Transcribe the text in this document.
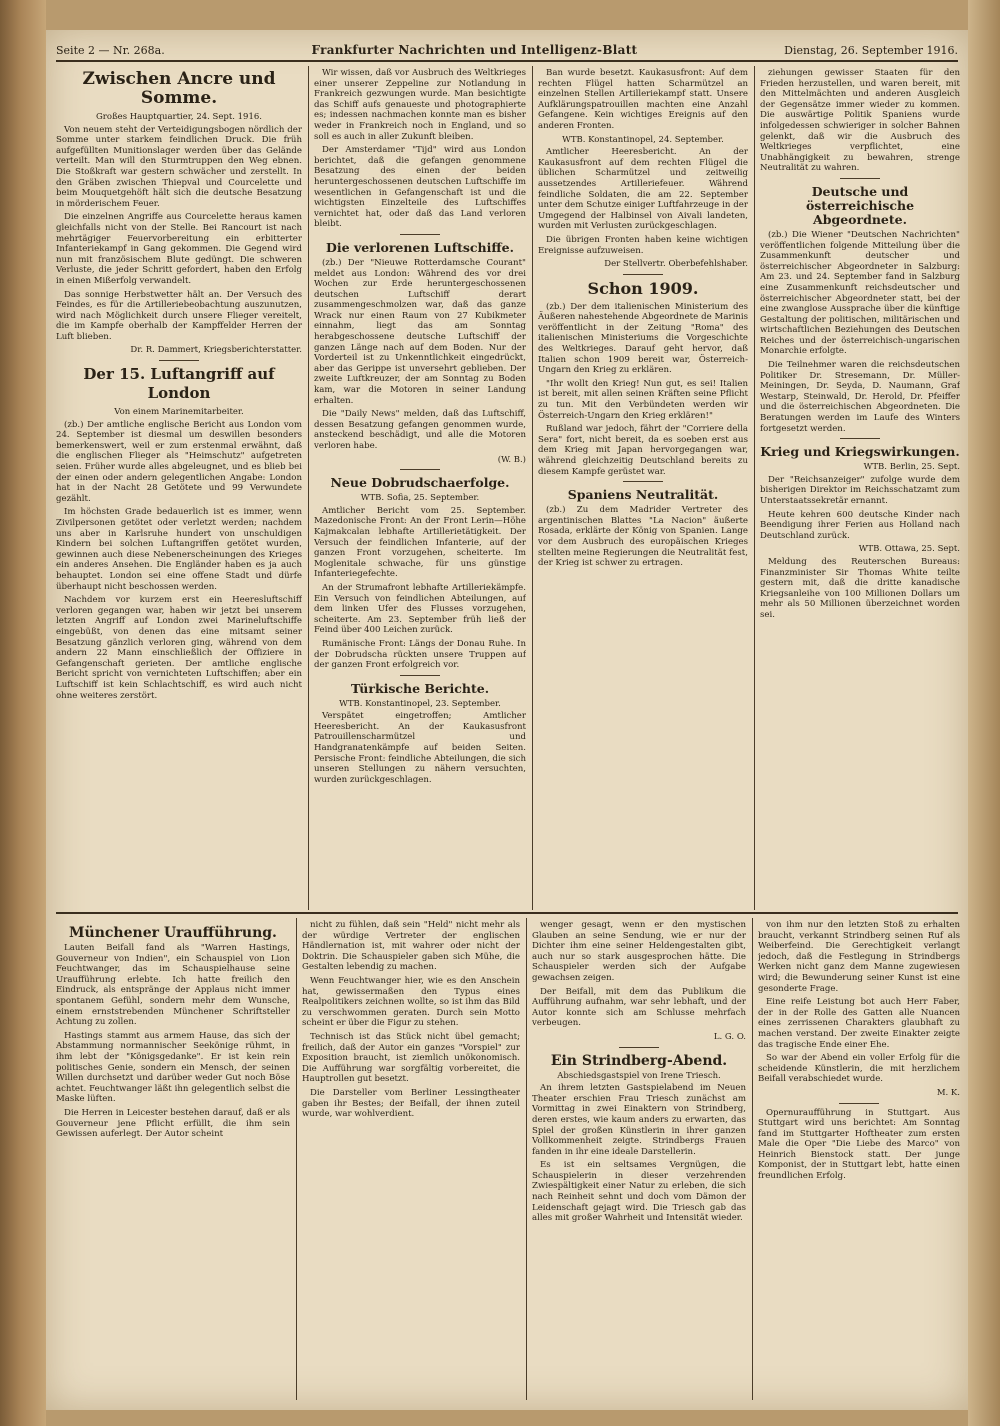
Seite 2 — Nr. 268a.	Frankfurter Nachrichten und Intelligenz-Blatt	Dienstag, 26. September 1916.
Zwischen Ancre und Somme.
Großes Hauptquartier, 24. Sept. 1916.

Von neuem steht der Verteidigungsbogen nördlich der Somme unter starkem feindlichen Druck. Die früh aufgefüllten Munitionslager werden über das Gelände verteilt. Man will den Sturmtruppen den Weg ebnen. Die Stoßkraft war gestern schwächer und zerstellt. In den Gräben zwischen Thiepval und Courcelette und beim Mouquetgehöft hält sich die deutsche Besatzung in mörderischem Feuer.

Die einzelnen Angriffe aus Courcelette heraus kamen gleichfalls nicht von der Stelle. Bei Rancourt ist nach mehrtägiger Feuervorbereitung ein erbitterter Infanteriekampf in Gang gekommen. Die Gegend wird nun mit französischem Blute gedüngt. Die schweren Verluste, die jeder Schritt gefordert, haben den Erfolg in einen Mißerfolg verwandelt.

Das sonnige Herbstwetter hält an. Der Versuch des Feindes, es für die Artilleriebeobachtung auszunutzen, wird nach Möglichkeit durch unsere Flieger vereitelt, die im Kampfe oberhalb der Kampffelder Herren der Luft blieben.

Dr. R. Dammert, Kriegsberichterstatter.
Der 15. Luftangriff auf London
Von einem Marinemitarbeiter.

(zb.) Der amtliche englische Bericht aus London vom 24. September ist diesmal um deswillen besonders bemerkenswert, weil er zum erstenmal erwähnt, daß die englischen Flieger als "Heimschutz" aufgetreten seien. Früher wurde alles abgeleugnet, und es blieb bei der einen oder andern gelegentlichen Angabe: London hat in der Nacht 28 Getötete und 99 Verwundete gezählt.

Im höchsten Grade bedauerlich ist es immer, wenn Zivilpersonen getötet oder verletzt werden; nachdem uns aber in Karlsruhe hundert von unschuldigen Kindern bei solchen Luftangriffen getötet wurden, gewinnen auch diese Nebenerscheinungen des Krieges ein anderes Ansehen. Die Engländer haben es ja auch behauptet. London sei eine offene Stadt und dürfe überhaupt nicht beschossen werden.

Nachdem vor kurzem erst ein Heeresluftschiff verloren gegangen war, haben wir jetzt bei unserem letzten Angriff auf London zwei Marineluftschiffe eingebüßt, von denen das eine mitsamt seiner Besatzung gänzlich verloren ging, während von dem andern 22 Mann einschließlich der Offiziere in Gefangenschaft gerieten. Der amtliche englische Bericht spricht von vernichteten Luftschiffen; aber ein Luftschiff ist kein Schlachtschiff, es wird auch nicht ohne weiteres zerstört.

Wir wissen, daß vor Ausbruch des Weltkrieges einer unserer Zeppeline zur Notlandung in Frankreich gezwungen wurde. Man besichtigte das Schiff aufs genaueste und photographierte es; indessen nachmachen konnte man es bisher weder in Frankreich noch in England, und so soll es auch in aller Zukunft bleiben.

Der Amsterdamer "Tijd" wird aus London berichtet, daß die gefangen genommene Besatzung des einen der beiden heruntergeschossenen deutschen Luftschiffe im wesentlichen in Gefangenschaft ist und die wichtigsten Einzelteile des Luftschiffes vernichtet hat, oder daß das Land verloren bleibt.

Die verlorenen Luftschiffe.

(zb.) Der "Nieuwe Rotterdamsche Courant" meldet aus London: Während des vor drei Wochen zur Erde heruntergeschossenen deutschen Luftschiff derart zusammengeschmolzen war, daß das ganze Wrack nur einen Raum von 27 Kubikmeter einnahm, liegt das am Sonntag herabgeschossene deutsche Luftschiff der ganzen Länge nach auf dem Boden. Nur der Vorderteil ist zu Unkenntlichkeit eingedrückt, aber das Gerippe ist unversehrt geblieben. Der zweite Luftkreuzer, der am Sonntag zu Boden kam, war die Motoren in seiner Landung erhalten.

Die "Daily News" melden, daß das Luftschiff, dessen Besatzung gefangen genommen wurde, ansteckend beschädigt, und alle die Motoren verloren habe.

(W. B.)
Neue Dobrudschaerfolge.
WTB. Sofia, 25. September.

Amtlicher Bericht vom 25. September. Mazedonische Front: An der Front Lerin—Höhe Kajmakcalan lebhafte Artillerietätigkeit. Der Versuch der feindlichen Infanterie, auf der ganzen Front vorzugehen, scheiterte. Im Moglenitale schwache, für uns günstige Infanteriegefechte.

An der Strumafront lebhafte Artilleriekämpfe. Ein Versuch von feindlichen Abteilungen, auf dem linken Ufer des Flusses vorzugehen, scheiterte. Am 23. September früh ließ der Feind über 400 Leichen zurück.

Rumänische Front: Längs der Donau Ruhe. In der Dobrudscha rückten unsere Truppen auf der ganzen Front erfolgreich vor.

Türkische Berichte.
WTB. Konstantinopel, 23. September.

Verspätet eingetroffen; Amtlicher Heeresbericht. An der Kaukasusfront Patrouillenscharmützel und Handgranatenkämpfe auf beiden Seiten. Persische Front: feindliche Abteilungen, die sich unseren Stellungen zu nähern versuchten, wurden zurückgeschlagen.

Ban wurde besetzt. Kaukasusfront: Auf dem rechten Flügel hatten Scharmützel an einzelnen Stellen Artilleriekampf statt. Unsere Aufklärungspatrouillen machten eine Anzahl Gefangene. Kein wichtiges Ereignis auf den anderen Fronten.

WTB. Konstantinopel, 24. September.

Amtlicher Heeresbericht. An der Kaukasusfront auf dem rechten Flügel die üblichen Scharmützel und zeitweilig aussetzendes Artilleriefeuer. Während feindliche Soldaten, die am 22. September unter dem Schutze einiger Luftfahrzeuge in der Umgegend der Halbinsel von Aivali landeten, wurden mit Verlusten zurückgeschlagen.

Die übrigen Fronten haben keine wichtigen Ereignisse aufzuweisen.

Der Stellvertr. Oberbefehlshaber.
Schon 1909.

(zb.) Der dem italienischen Ministerium des Äußeren nahestehende Abgeordnete de Marinis veröffentlicht in der Zeitung "Roma" des italienischen Ministeriums die Vorgeschichte des Weltkrieges. Darauf geht hervor, daß Italien schon 1909 bereit war, Österreich-Ungarn den Krieg zu erklären.

"Ihr wollt den Krieg! Nun gut, es sei! Italien ist bereit, mit allen seinen Kräften seine Pflicht zu tun. Mit den Verbündeten werden wir Österreich-Ungarn den Krieg erklären!"

Rußland war jedoch, fährt der "Corriere della Sera" fort, nicht bereit, da es soeben erst aus dem Krieg mit Japan hervorgegangen war, während gleichzeitig Deutschland bereits zu diesem Kampfe gerüstet war.

Spaniens Neutralität.

(zb.) Zu dem Madrider Vertreter des argentinischen Blattes "La Nacion" äußerte Rosada, erklärte der König von Spanien. Lange vor dem Ausbruch des europäischen Krieges stellten meine Regierungen die Neutralität fest, der Krieg ist schwer zu ertragen.

ziehungen gewisser Staaten für den Frieden herzustellen, und waren bereit, mit den Mittelmächten und anderen Ausgleich der Gegensätze immer wieder zu kommen. Die auswärtige Politik Spaniens wurde infolgedessen schwieriger in solcher Bahnen gelenkt, daß wir die Ausbruch des Weltkrieges verpflichtet, eine Unabhängigkeit zu bewahren, strenge Neutralität zu wahren.

Deutsche und österreichische Abgeordnete.

(zb.) Die Wiener "Deutschen Nachrichten" veröffentlichen folgende Mitteilung über die Zusammenkunft deutscher und österreichischer Abgeordneter in Salzburg: Am 23. und 24. September fand in Salzburg eine Zusammenkunft reichsdeutscher und österreichischer Abgeordneter statt, bei der eine zwanglose Aussprache über die künftige Gestaltung der politischen, militärischen und wirtschaftlichen Beziehungen des Deutschen Reiches und der österreichisch-ungarischen Monarchie erfolgte.

Die Teilnehmer waren die reichsdeutschen Politiker Dr. Stresemann, Dr. Müller-Meiningen, Dr. Seyda, D. Naumann, Graf Westarp, Steinwald, Dr. Herold, Dr. Pfeiffer und die österreichischen Abgeordneten. Die Beratungen werden im Laufe des Winters fortgesetzt werden.

Krieg und Kriegswirkungen.
WTB. Berlin, 25. Sept.

Der "Reichsanzeiger" zufolge wurde dem bisherigen Direktor im Reichsschatzamt zum Unterstaatssekretär ernannt.

Heute kehren 600 deutsche Kinder nach Beendigung ihrer Ferien aus Holland nach Deutschland zurück.

WTB. Ottawa, 25. Sept.

Meldung des Reuterschen Bureaus: Finanzminister Sir Thomas White teilte gestern mit, daß die dritte kanadische Kriegsanleihe von 100 Millionen Dollars um mehr als 50 Millionen überzeichnet worden sei.

Münchener Uraufführung.

Lauten Beifall fand als "Warren Hastings, Gouverneur von Indien", ein Schauspiel von Lion Feuchtwanger, das im Schauspielhause seine Uraufführung erlebte. Ich hatte freilich den Eindruck, als entspränge der Applaus nicht immer spontanem Gefühl, sondern mehr dem Wunsche, einem ernststrebenden Münchener Schriftsteller Achtung zu zollen.

Hastings stammt aus armem Hause, das sich der Abstammung normannischer Seekönige rühmt, in ihm lebt der "Königsgedanke". Er ist kein rein politisches Genie, sondern ein Mensch, der seinen Willen durchsetzt und darüber weder Gut noch Böse achtet. Feuchtwanger läßt ihn gelegentlich selbst die Maske lüften.

Die Herren in Leicester bestehen darauf, daß er als Gouverneur jene Pflicht erfüllt, die ihm sein Gewissen auferlegt. Der Autor scheint

nicht zu fühlen, daß sein "Held" nicht mehr als der würdige Vertreter der englischen Händlernation ist, mit wahrer oder nicht der Doktrin. Die Schauspieler gaben sich Mühe, die Gestalten lebendig zu machen.

Wenn Feuchtwanger hier, wie es den Anschein hat, gewissermaßen den Typus eines Realpolitikers zeichnen wollte, so ist ihm das Bild zu verschwommen geraten. Durch sein Motto scheint er über die Figur zu stehen.

Technisch ist das Stück nicht übel gemacht; freilich, daß der Autor ein ganzes "Vorspiel" zur Exposition braucht, ist ziemlich unökonomisch. Die Aufführung war sorgfältig vorbereitet, die Hauptrollen gut besetzt.

Die Darsteller vom Berliner Lessingtheater gaben ihr Bestes; der Beifall, der ihnen zuteil wurde, war wohlverdient.

wenger gesagt, wenn er den mystischen Glauben an seine Sendung, wie er nur der Dichter ihm eine seiner Heldengestalten gibt, auch nur so stark ausgesprochen hätte. Die Schauspieler werden sich der Aufgabe gewachsen zeigen.

Der Beifall, mit dem das Publikum die Aufführung aufnahm, war sehr lebhaft, und der Autor konnte sich am Schlusse mehrfach verbeugen.

L. G. O.
Ein Strindberg-Abend.
Abschiedsgastspiel von Irene Triesch.

An ihrem letzten Gastspielabend im Neuen Theater erschien Frau Triesch zunächst am Vormittag in zwei Einaktern von Strindberg, deren erstes, wie kaum anders zu erwarten, das Spiel der großen Künstlerin in ihrer ganzen Vollkommenheit zeigte. Strindbergs Frauen fanden in ihr eine ideale Darstellerin.

Es ist ein seltsames Vergnügen, die Schauspielerin in dieser verzehrenden Zwiespältigkeit einer Natur zu erleben, die sich nach Reinheit sehnt und doch vom Dämon der Leidenschaft gejagt wird. Die Triesch gab das alles mit großer Wahrheit und Intensität wieder.

von ihm nur den letzten Stoß zu erhalten braucht, verkannt Strindberg seinen Ruf als Weiberfeind. Die Gerechtigkeit verlangt jedoch, daß die Festlegung in Strindbergs Werken nicht ganz dem Manne zugewiesen wird; die Bewunderung seiner Kunst ist eine gesonderte Frage.

Eine reife Leistung bot auch Herr Faber, der in der Rolle des Gatten alle Nuancen eines zerrissenen Charakters glaubhaft zu machen verstand. Der zweite Einakter zeigte das tragische Ende einer Ehe.

So war der Abend ein voller Erfolg für die scheidende Künstlerin, die mit herzlichem Beifall verabschiedet wurde.

M. K.

Opernuraufführung in Stuttgart. Aus Stuttgart wird uns berichtet: Am Sonntag fand im Stuttgarter Hoftheater zum ersten Male die Oper "Die Liebe des Marco" von Heinrich Bienstock statt. Der junge Komponist, der in Stuttgart lebt, hatte einen freundlichen Erfolg.
